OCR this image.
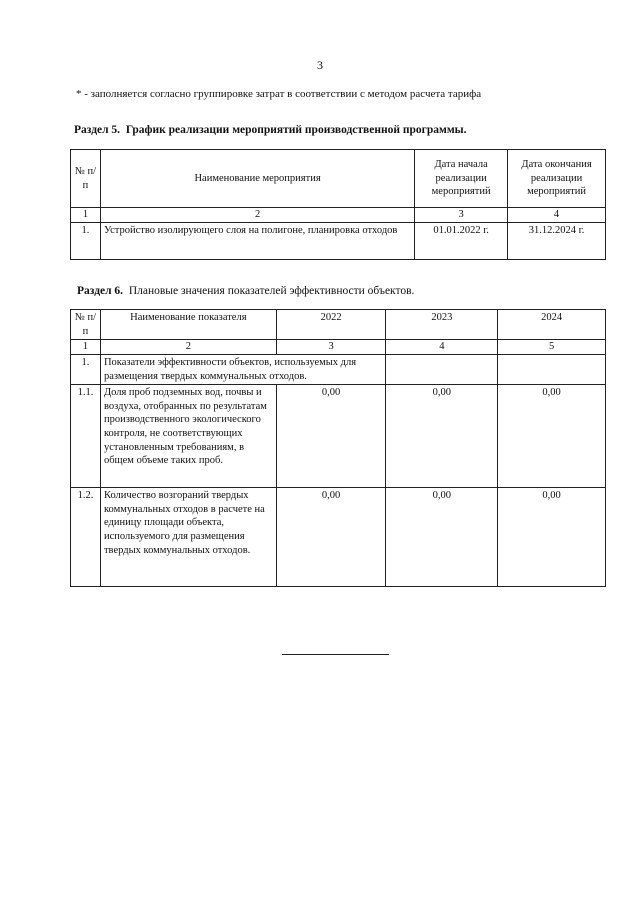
3
* - заполняется согласно группировке затрат в соответствии с методом расчета тарифа
Раздел 5. График реализации мероприятий производственной программы.
№ п/п	Наименование мероприятия	Дата начала реализации мероприятий	Дата окончания реализации мероприятий
1	2	3	4
1.	Устройство изолирующего слоя на полигоне, планировка отходов	01.01.2022 г.	31.12.2024 г.
Раздел 6. Плановые значения показателей эффективности объектов.
№ п/п	Наименование показателя	2022	2023	2024
1	2	3	4	5
1.	Показатели эффективности объектов, используемых для размещения твердых коммунальных отходов.			
1.1.	Доля проб подземных вод, почвы и воздуха, отобранных по результатам производственного экологического контроля, не соответствующих установленным требованиям, в общем объеме таких проб.	0,00	0,00	0,00
1.2.	Количество возгораний твердых коммунальных отходов в расчете на единицу площади объекта, используемого для размещения твердых коммунальных отходов.	0,00	0,00	0,00
